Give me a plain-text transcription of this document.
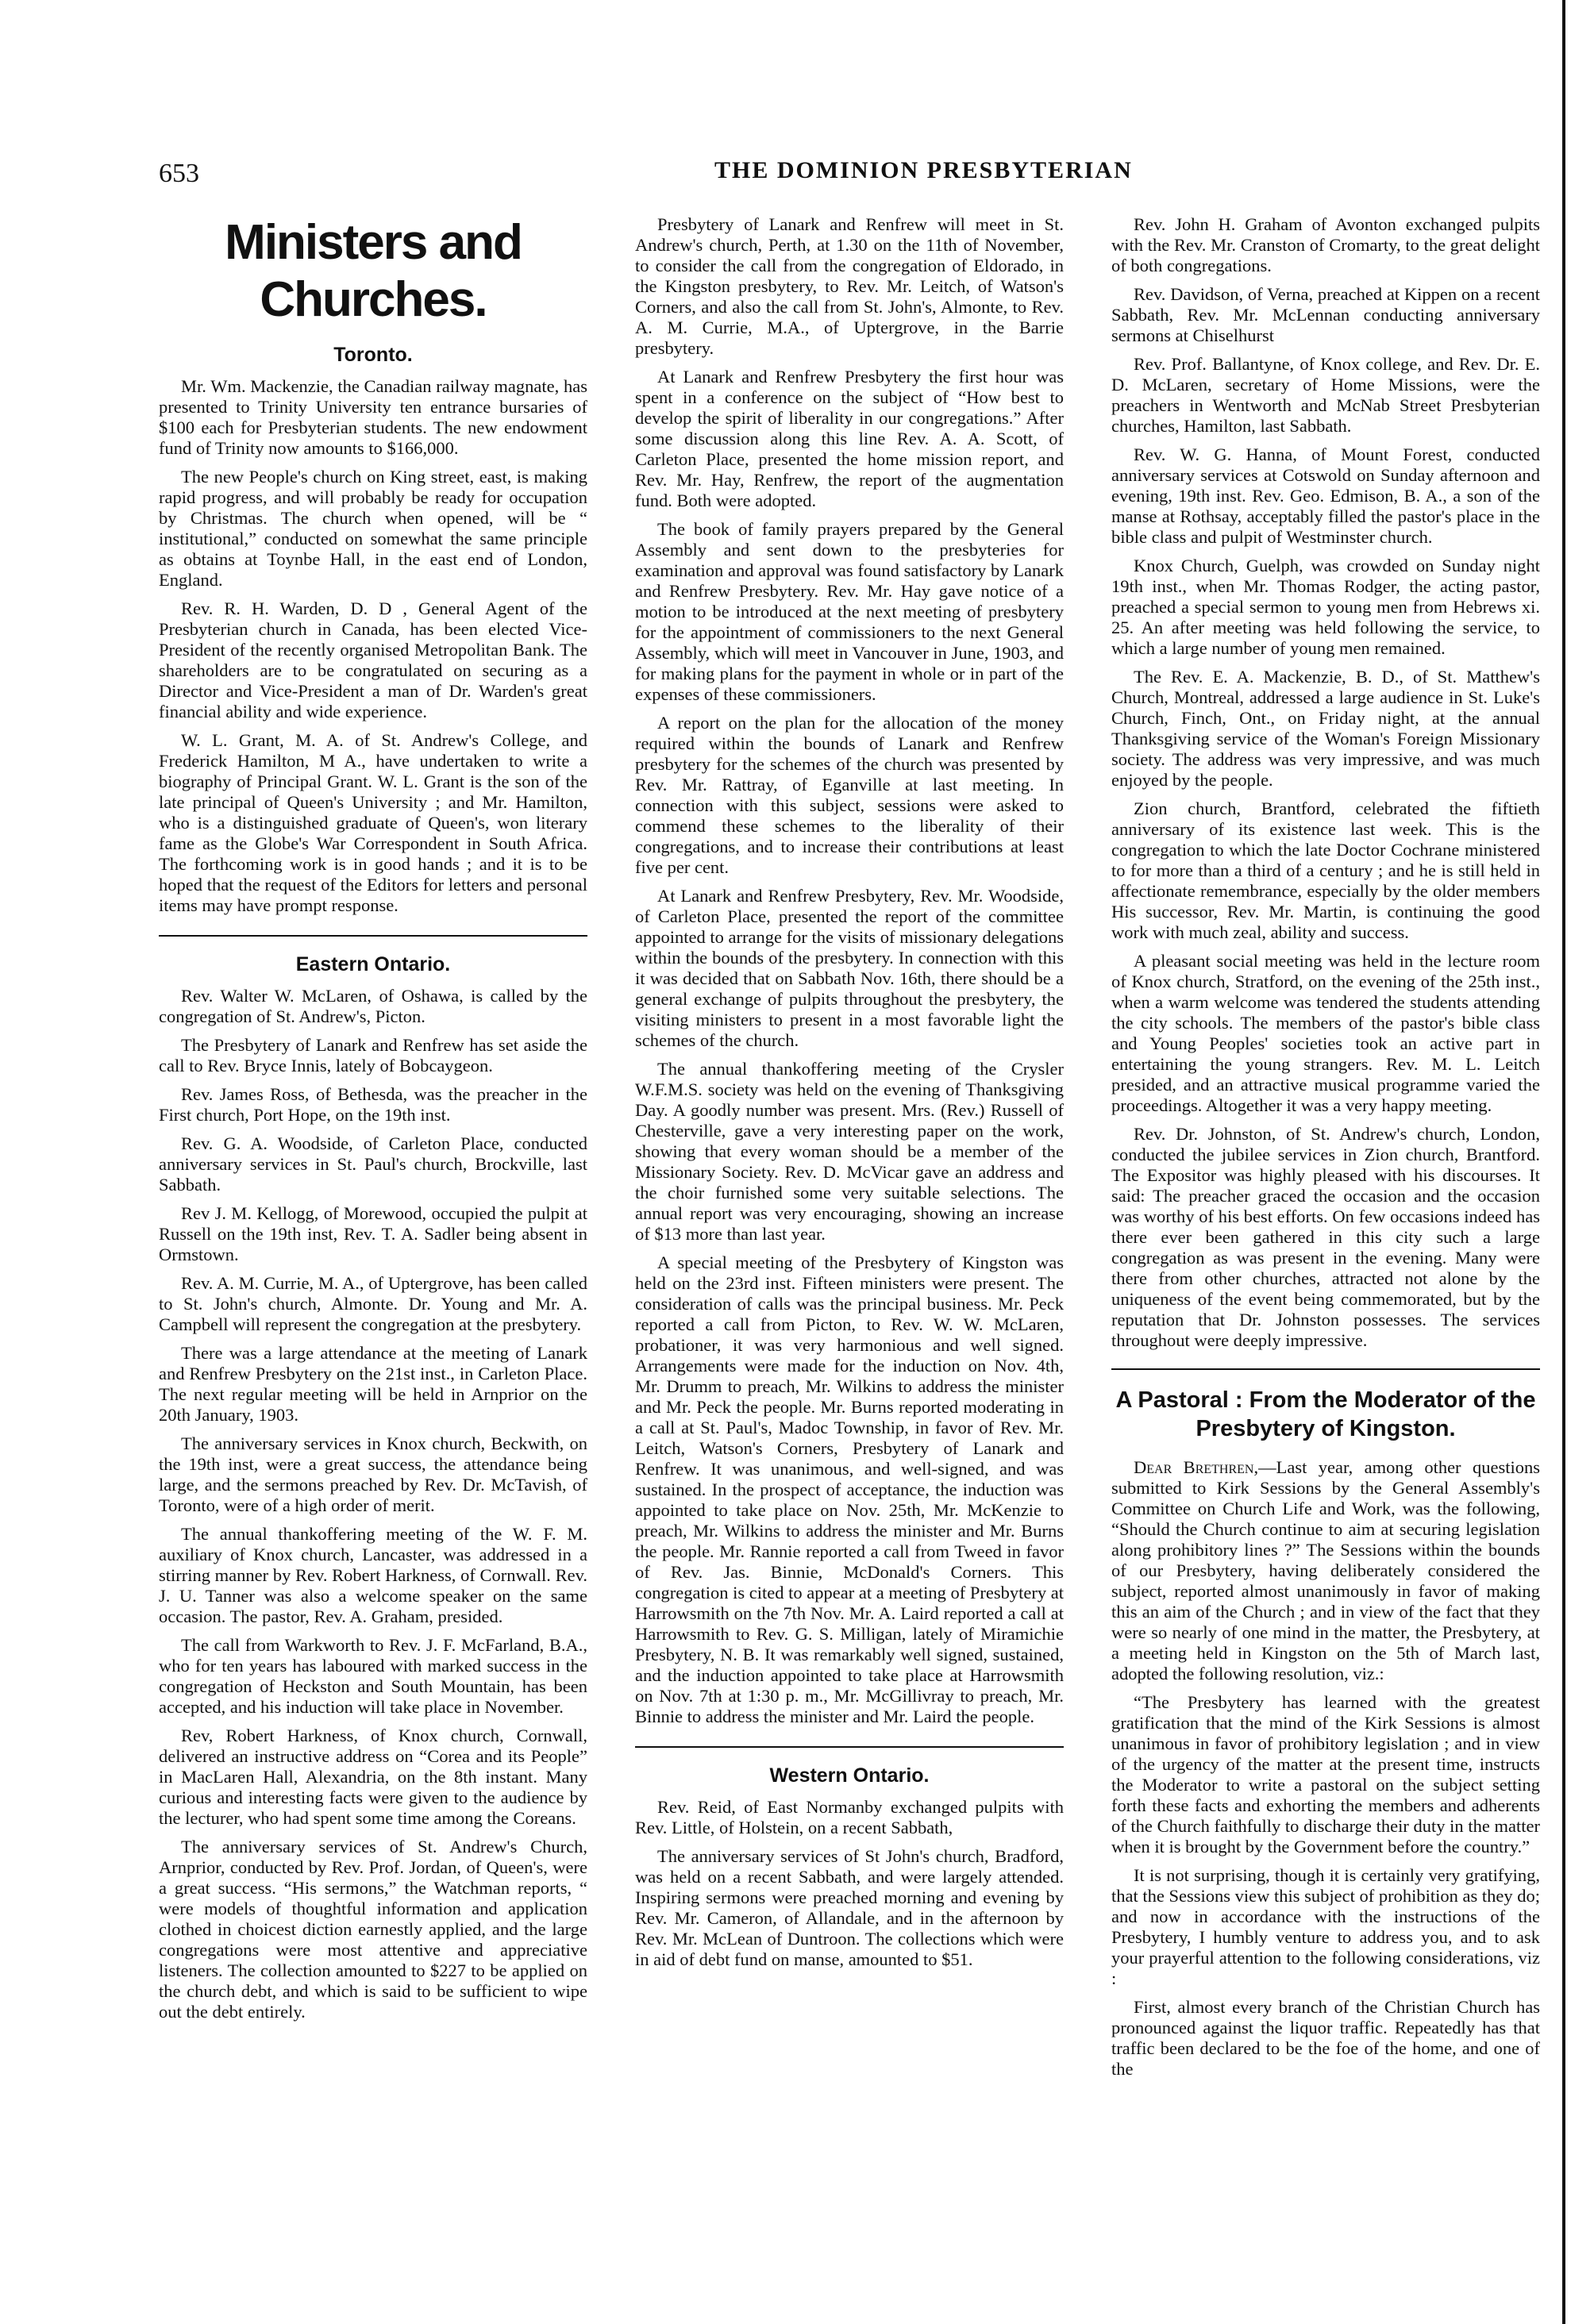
653	THE DOMINION PRESBYTERIAN
Ministers and Churches.
Toronto.

Mr. Wm. Mackenzie, the Canadian railway magnate, has presented to Trinity University ten entrance bursaries of $100 each for Presbyterian students. The new endowment fund of Trinity now amounts to $166,000.

The new People's church on King street, east, is making rapid progress, and will probably be ready for occupation by Christmas. The church when opened, will be “ institutional,” conducted on somewhat the same principle as obtains at Toynbe Hall, in the east end of London, England.

Rev. R. H. Warden, D. D , General Agent of the Presbyterian church in Canada, has been elected Vice-President of the recently organised Metropolitan Bank. The shareholders are to be congratulated on securing as a Director and Vice-President a man of Dr. Warden's great financial ability and wide experience.

W. L. Grant, M. A. of St. Andrew's College, and Frederick Hamilton, M A., have undertaken to write a biography of Principal Grant. W. L. Grant is the son of the late principal of Queen's University ; and Mr. Hamilton, who is a distinguished graduate of Queen's, won literary fame as the Globe's War Correspondent in South Africa. The forthcoming work is in good hands ; and it is to be hoped that the request of the Editors for letters and personal items may have prompt response.

Eastern Ontario.

Rev. Walter W. McLaren, of Oshawa, is called by the congregation of St. Andrew's, Picton.

The Presbytery of Lanark and Renfrew has set aside the call to Rev. Bryce Innis, lately of Bobcaygeon.

Rev. James Ross, of Bethesda, was the preacher in the First church, Port Hope, on the 19th inst.

Rev. G. A. Woodside, of Carleton Place, conducted anniversary services in St. Paul's church, Brockville, last Sabbath.

Rev J. M. Kellogg, of Morewood, occupied the pulpit at Russell on the 19th inst, Rev. T. A. Sadler being absent in Ormstown.

Rev. A. M. Currie, M. A., of Uptergrove, has been called to St. John's church, Almonte. Dr. Young and Mr. A. Campbell will represent the congregation at the presbytery.

There was a large attendance at the meeting of Lanark and Renfrew Presbytery on the 21st inst., in Carleton Place. The next regular meeting will be held in Arnprior on the 20th January, 1903.

The anniversary services in Knox church, Beckwith, on the 19th inst, were a great success, the attendance being large, and the sermons preached by Rev. Dr. McTavish, of Toronto, were of a high order of merit.

The annual thankoffering meeting of the W. F. M. auxiliary of Knox church, Lancaster, was addressed in a stirring manner by Rev. Robert Harkness, of Cornwall. Rev. J. U. Tanner was also a welcome speaker on the same occasion. The pastor, Rev. A. Graham, presided.

The call from Warkworth to Rev. J. F. McFarland, B.A., who for ten years has laboured with marked success in the congregation of Heckston and South Mountain, has been accepted, and his induction will take place in November.

Rev, Robert Harkness, of Knox church, Cornwall, delivered an instructive address on “Corea and its People” in MacLaren Hall, Alexandria, on the 8th instant. Many curious and interesting facts were given to the audience by the lecturer, who had spent some time among the Coreans.

The anniversary services of St. Andrew's Church, Arnprior, conducted by Rev. Prof. Jordan, of Queen's, were a great success. “His sermons,” the Watchman reports, “ were models of thoughtful information and application clothed in choicest diction earnestly applied, and the large congregations were most attentive and appreciative listeners. The collection amounted to $227 to be applied on the church debt, and which is said to be sufficient to wipe out the debt entirely.

Presbytery of Lanark and Renfrew will meet in St. Andrew's church, Perth, at 1.30 on the 11th of November, to consider the call from the congregation of Eldorado, in the Kingston presbytery, to Rev. Mr. Leitch, of Watson's Corners, and also the call from St. John's, Almonte, to Rev. A. M. Currie, M.A., of Uptergrove, in the Barrie presbytery.

At Lanark and Renfrew Presbytery the first hour was spent in a conference on the subject of “How best to develop the spirit of liberality in our congregations.” After some discussion along this line Rev. A. A. Scott, of Carleton Place, presented the home mission report, and Rev. Mr. Hay, Renfrew, the report of the augmentation fund. Both were adopted.

The book of family prayers prepared by the General Assembly and sent down to the presbyteries for examination and approval was found satisfactory by Lanark and Renfrew Presbytery. Rev. Mr. Hay gave notice of a motion to be introduced at the next meeting of presbytery for the appointment of commissioners to the next General Assembly, which will meet in Vancouver in June, 1903, and for making plans for the payment in whole or in part of the expenses of these commissioners.

A report on the plan for the allocation of the money required within the bounds of Lanark and Renfrew presbytery for the schemes of the church was presented by Rev. Mr. Rattray, of Eganville at last meeting. In connection with this subject, sessions were asked to commend these schemes to the liberality of their congregations, and to increase their contributions at least five per cent.

At Lanark and Renfrew Presbytery, Rev. Mr. Woodside, of Carleton Place, presented the report of the committee appointed to arrange for the visits of missionary delegations within the bounds of the presbytery. In connection with this it was decided that on Sabbath Nov. 16th, there should be a general exchange of pulpits throughout the presbytery, the visiting ministers to present in a most favorable light the schemes of the church.

The annual thankoffering meeting of the Crysler W.F.M.S. society was held on the evening of Thanksgiving Day. A goodly number was present. Mrs. (Rev.) Russell of Chesterville, gave a very interesting paper on the work, showing that every woman should be a member of the Missionary Society. Rev. D. McVicar gave an address and the choir furnished some very suitable selections. The annual report was very encouraging, showing an increase of $13 more than last year.

A special meeting of the Presbytery of Kingston was held on the 23rd inst. Fifteen ministers were present. The consideration of calls was the principal business. Mr. Peck reported a call from Picton, to Rev. W. W. McLaren, probationer, it was very harmonious and well signed. Arrangements were made for the induction on Nov. 4th, Mr. Drumm to preach, Mr. Wilkins to address the minister and Mr. Peck the people. Mr. Burns reported moderating in a call at St. Paul's, Madoc Township, in favor of Rev. Mr. Leitch, Watson's Corners, Presbytery of Lanark and Renfrew. It was unanimous, and well-signed, and was sustained. In the prospect of acceptance, the induction was appointed to take place on Nov. 25th, Mr. McKenzie to preach, Mr. Wilkins to address the minister and Mr. Burns the people. Mr. Rannie reported a call from Tweed in favor of Rev. Jas. Binnie, McDonald's Corners. This congregation is cited to appear at a meeting of Presbytery at Harrowsmith on the 7th Nov. Mr. A. Laird reported a call at Harrowsmith to Rev. G. S. Milligan, lately of Miramichie Presbytery, N. B. It was remarkably well signed, sustained, and the induction appointed to take place at Harrowsmith on Nov. 7th at 1:30 p. m., Mr. McGillivray to preach, Mr. Binnie to address the minister and Mr. Laird the people.

Western Ontario.

Rev. Reid, of East Normanby exchanged pulpits with Rev. Little, of Holstein, on a recent Sabbath,

The anniversary services of St John's church, Bradford, was held on a recent Sabbath, and were largely attended. Inspiring sermons were preached morning and evening by Rev. Mr. Cameron, of Allandale, and in the afternoon by Rev. Mr. McLean of Duntroon. The collections which were in aid of debt fund on manse, amounted to $51.

Rev. John H. Graham of Avonton exchanged pulpits with the Rev. Mr. Cranston of Cromarty, to the great delight of both congregations.

Rev. Davidson, of Verna, preached at Kippen on a recent Sabbath, Rev. Mr. McLennan conducting anniversary sermons at Chiselhurst

Rev. Prof. Ballantyne, of Knox college, and Rev. Dr. E. D. McLaren, secretary of Home Missions, were the preachers in Wentworth and McNab Street Presbyterian churches, Hamilton, last Sabbath.

Rev. W. G. Hanna, of Mount Forest, conducted anniversary services at Cotswold on Sunday afternoon and evening, 19th inst. Rev. Geo. Edmison, B. A., a son of the manse at Rothsay, acceptably filled the pastor's place in the bible class and pulpit of Westminster church.

Knox Church, Guelph, was crowded on Sunday night 19th inst., when Mr. Thomas Rodger, the acting pastor, preached a special sermon to young men from Hebrews xi. 25. An after meeting was held following the service, to which a large number of young men remained.

The Rev. E. A. Mackenzie, B. D., of St. Matthew's Church, Montreal, addressed a large audience in St. Luke's Church, Finch, Ont., on Friday night, at the annual Thanksgiving service of the Woman's Foreign Missionary society. The address was very impressive, and was much enjoyed by the people.

Zion church, Brantford, celebrated the fiftieth anniversary of its existence last week. This is the congregation to which the late Doctor Cochrane ministered to for more than a third of a century ; and he is still held in affectionate remembrance, especially by the older members His successor, Rev. Mr. Martin, is continuing the good work with much zeal, ability and success.

A pleasant social meeting was held in the lecture room of Knox church, Stratford, on the evening of the 25th inst., when a warm welcome was tendered the students attending the city schools. The members of the pastor's bible class and Young Peoples' societies took an active part in entertaining the young strangers. Rev. M. L. Leitch presided, and an attractive musical programme varied the proceedings. Altogether it was a very happy meeting.

Rev. Dr. Johnston, of St. Andrew's church, London, conducted the jubilee services in Zion church, Brantford. The Expositor was highly pleased with his discourses. It said: The preacher graced the occasion and the occasion was worthy of his best efforts. On few occasions indeed has there ever been gathered in this city such a large congregation as was present in the evening. Many were there from other churches, attracted not alone by the uniqueness of the event being commemorated, but by the reputation that Dr. Johnston possesses. The services throughout were deeply impressive.

A Pastoral : From the Moderator of the Presbytery of Kingston.

Dear Brethren,—Last year, among other questions submitted to Kirk Sessions by the General Assembly's Committee on Church Life and Work, was the following, “Should the Church continue to aim at securing legislation along prohibitory lines ?” The Sessions within the bounds of our Presbytery, having deliberately considered the subject, reported almost unanimously in favor of making this an aim of the Church ; and in view of the fact that they were so nearly of one mind in the matter, the Presbytery, at a meeting held in Kingston on the 5th of March last, adopted the following resolution, viz.:

“The Presbytery has learned with the greatest gratification that the mind of the Kirk Sessions is almost unanimous in favor of prohibitory legislation ; and in view of the urgency of the matter at the present time, instructs the Moderator to write a pastoral on the subject setting forth these facts and exhorting the members and adherents of the Church faithfully to discharge their duty in the matter when it is brought by the Government before the country.”

It is not surprising, though it is certainly very gratifying, that the Sessions view this subject of prohibition as they do; and now in accordance with the instructions of the Presbytery, I humbly venture to address you, and to ask your prayerful attention to the following considerations, viz :

First, almost every branch of the Christian Church has pronounced against the liquor traffic. Repeatedly has that traffic been declared to be the foe of the home, and one of the
